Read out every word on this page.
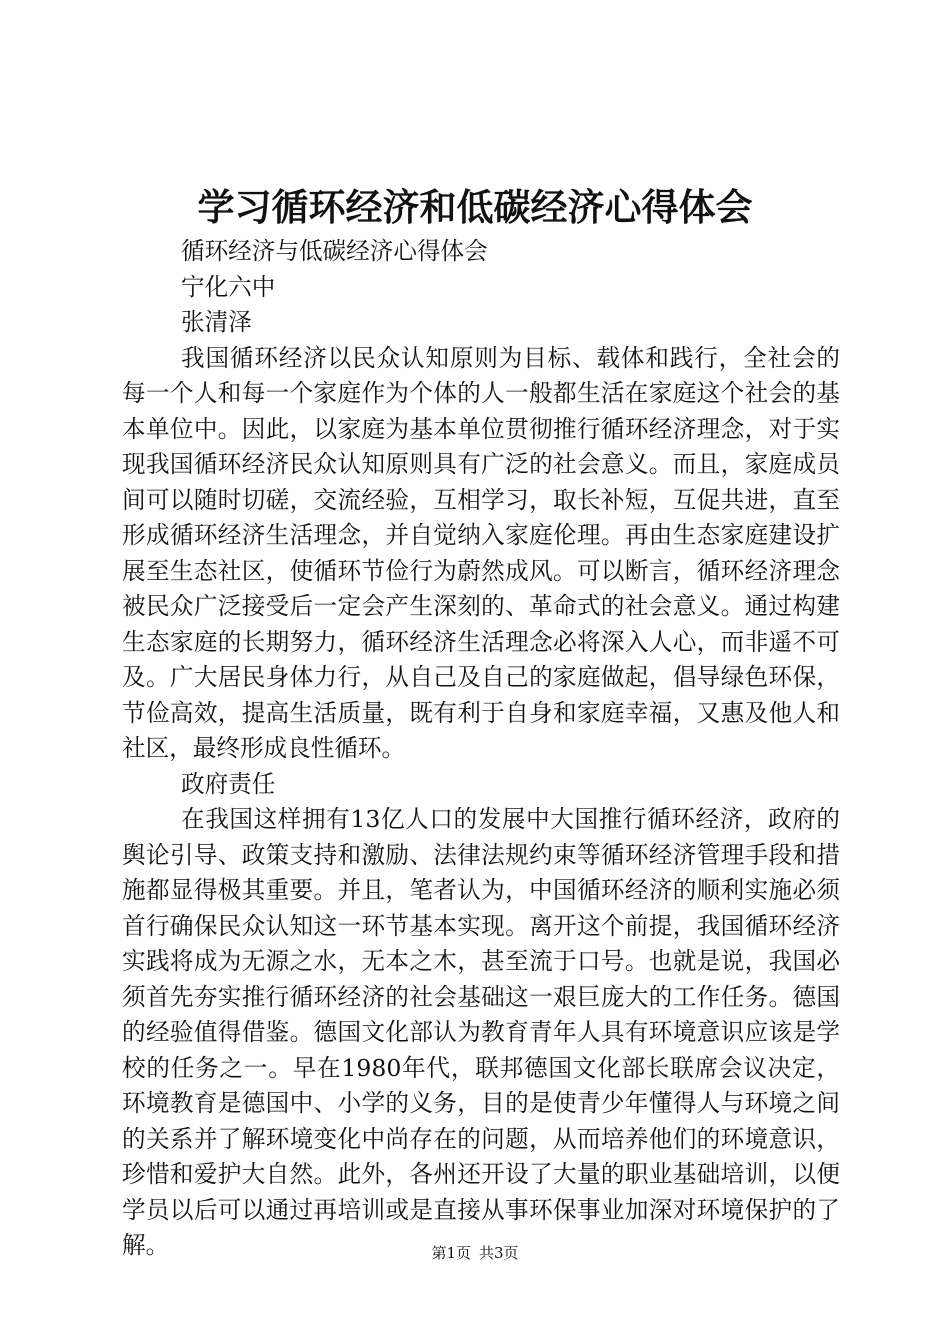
学习循环经济和低碳经济心得体会

循环经济与低碳经济心得体会

宁化六中

张清泽

我国循环经济以民众认知原则为目标、载体和践行，全社会的每一个人和每一个家庭作为个体的人一般都生活在家庭这个社会的基本单位中。因此，以家庭为基本单位贯彻推行循环经济理念，对于实现我国循环经济民众认知原则具有广泛的社会意义。而且，家庭成员间可以随时切磋，交流经验，互相学习，取长补短，互促共进，直至形成循环经济生活理念，并自觉纳入家庭伦理。再由生态家庭建设扩展至生态社区，使循环节俭行为蔚然成风。可以断言，循环经济理念被民众广泛接受后一定会产生深刻的、革命式的社会意义。通过构建生态家庭的长期努力，循环经济生活理念必将深入人心，而非遥不可及。广大居民身体力行，从自己及自己的家庭做起，倡导绿色环保，节俭高效，提高生活质量，既有利于自身和家庭幸福，又惠及他人和社区，最终形成良性循环。

政府责任

在我国这样拥有13亿人口的发展中大国推行循环经济，政府的舆论引导、政策支持和激励、法律法规约束等循环经济管理手段和措施都显得极其重要。并且，笔者认为，中国循环经济的顺利实施必须首行确保民众认知这一环节基本实现。离开这个前提，我国循环经济实践将成为无源之水，无本之木，甚至流于口号。也就是说，我国必须首先夯实推行循环经济的社会基础这一艰巨庞大的工作任务。德国的经验值得借鉴。德国文化部认为教育青年人具有环境意识应该是学校的任务之一。早在1980年代，联邦德国文化部长联席会议决定，环境教育是德国中、小学的义务，目的是使青少年懂得人与环境之间的关系并了解环境变化中尚存在的问题，从而培养他们的环境意识，珍惜和爱护大自然。此外，各州还开设了大量的职业基础培训，以便学员以后可以通过再培训或是直接从事环保事业加深对环境保护的了解。	第1页 共3页
